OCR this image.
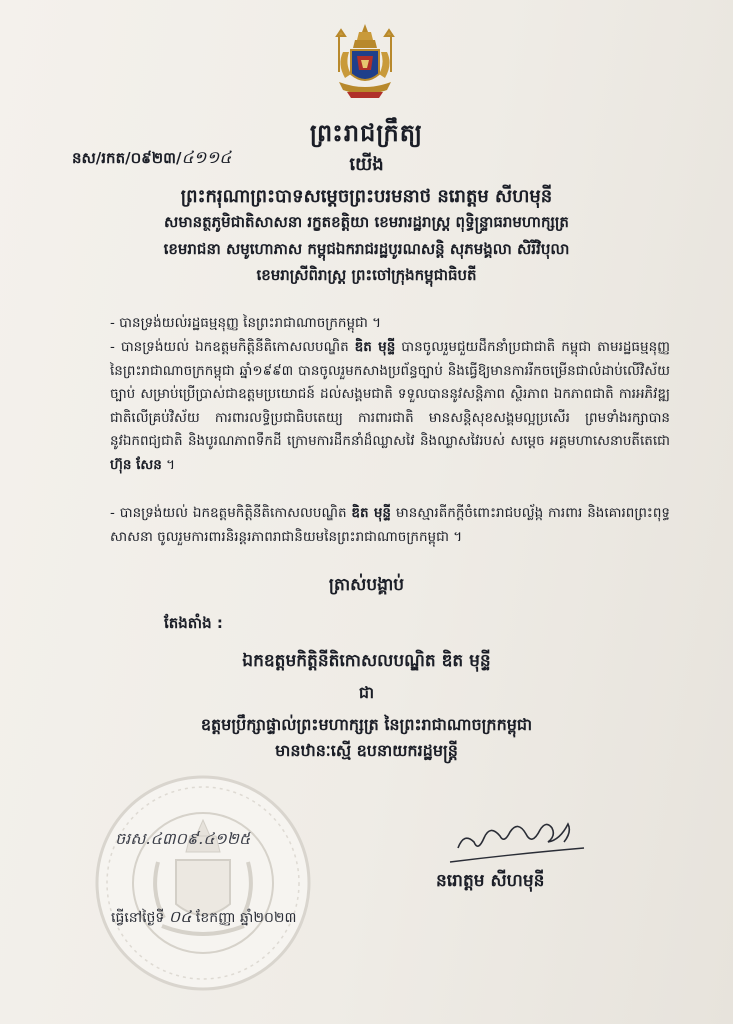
ព្រះរាជក្រឹត្យ
នស/រកត/០៩២៣/៤១១៤	យើង
ព្រះករុណាព្រះបាទសម្តេចព្រះបរមនាថ នរោត្តម សីហមុនី
សមានត្ថភូមិជាតិសាសនា រក្ខតខត្តិយា ខេមរារដ្ឋរាស្ត្រ ពុទ្ធិន្ទ្រាធរាមហាក្សត្រ
ខេមរាជនា សមូហោភាស កម្ពុជឯករាជរដ្ឋបូរណសន្តិ សុភមង្គលា សិរីវិបុលា
ខេមរាស្រីពិរាស្ត្រ ព្រះចៅក្រុងកម្ពុជាធិបតី
- បានទ្រង់យល់រដ្ឋធម្មនុញ្ញ នៃព្រះរាជាណាចក្រកម្ពុជា ។
- បានទ្រង់យល់ ឯកឧត្តមកិត្តិនីតិកោសលបណ្ឌិត ឌិត មុន្ទី បានចូលរួមជួយដឹកនាំប្រជាជាតិ កម្ពុជា តាមរដ្ឋធម្មនុញ្ញនៃព្រះរាជាណាចក្រកម្ពុជា ឆ្នាំ១៩៩៣ បានចូលរួមកសាងប្រព័ន្ធច្បាប់ និងធ្វើឱ្យមានការរីកចម្រើនជាលំដាប់លើវិស័យច្បាប់ សម្រាប់ប្រើប្រាស់ជាឧត្តមប្រយោជន៍ ដល់សង្គមជាតិ ទទួលបាននូវសន្តិភាព ស្ថិរភាព ឯកភាពជាតិ ការអភិវឌ្ឍជាតិលើគ្រប់វិស័យ ការពារលទ្ធិប្រជាធិបតេយ្យ ការពារជាតិ មានសន្តិសុខសង្គមល្អប្រសើរ ព្រមទាំងរក្សាបាន នូវឯកពជ្យជាតិ និងបូរណភាពទឹកដី ក្រោមការដឹកនាំដ៏ឈ្លាសវៃ និងឈ្លាសវៃរបស់ សម្តេច អគ្គមហាសេនាបតីតេជោ ហ៊ុន សែន ។
- បានទ្រង់យល់ ឯកឧត្តមកិត្តិនីតិកោសលបណ្ឌិត ឌិត មុន្ទី មានស្មារតីកក្តីចំពោះរាជបល្ល័ង្ក ការពារ និងគោរពព្រះពុទ្ធសាសនា ចូលរួមការពារនិរន្តរភាពរាជានិយមនៃព្រះរាជាណាចក្រកម្ពុជា ។
ត្រាស់បង្គាប់
តែងតាំង :
ឯកឧត្តមកិត្តិនីតិកោសលបណ្ឌិត ឌិត មុន្ទី
ជា
ឧត្តមប្រឹក្សាផ្ទាល់ព្រះមហាក្សត្រ នៃព្រះរាជាណាចក្រកម្ពុជា
មានឋានៈស្មើ ឧបនាយករដ្ឋមន្ត្រី
ចរស.៤៣០៩.៤១២៥
ធ្វើនៅថ្ងៃទី ០៤ ខែកញ្ញា ឆ្នាំ២០២៣
នរោត្តម សីហមុនី
